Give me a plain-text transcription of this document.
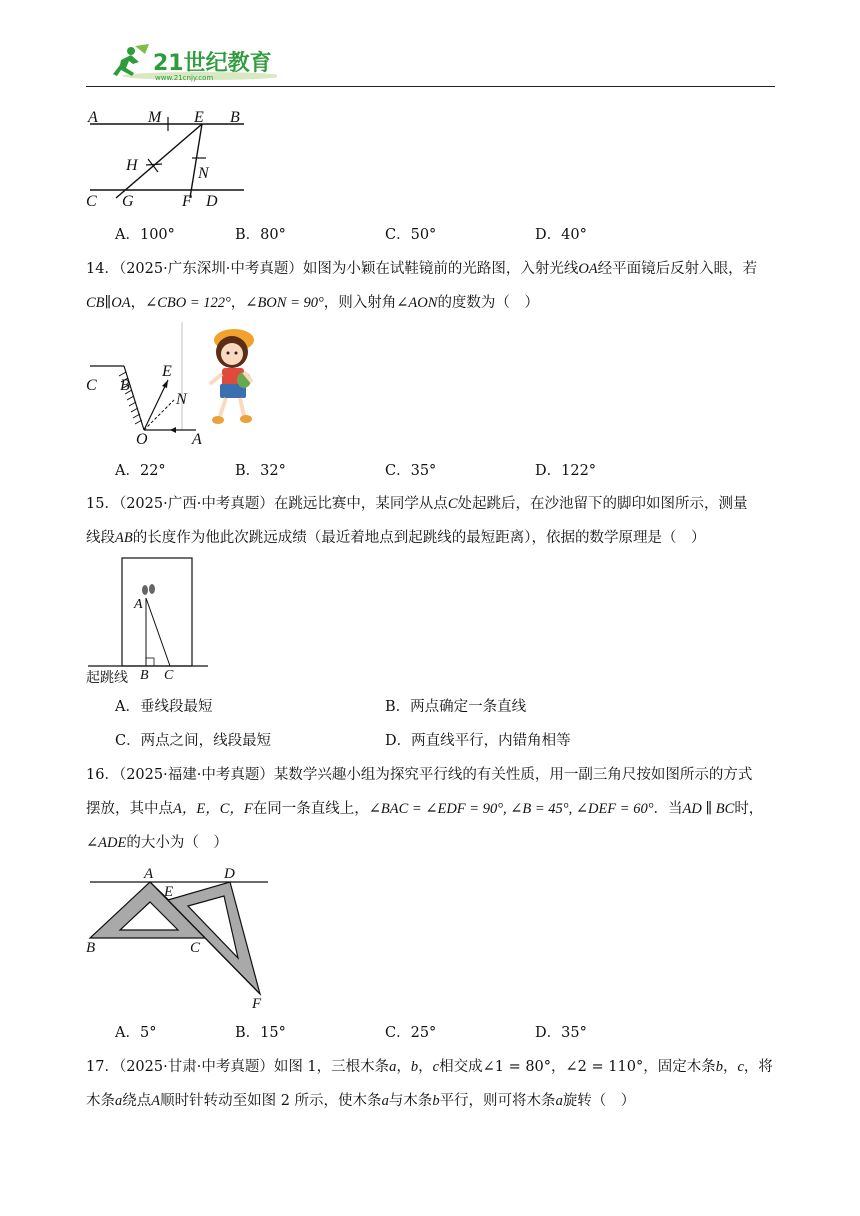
21世纪教育
www.21cnjy.com
A	M E B
H	N
C G	F D
A．100°	B．80°	C．50°	D．40°
14．（2025·广东深圳·中考真题）如图为小颖在试鞋镜前的光路图，入射光线OA经平面镜后反射入眼，若
CB∥OA，∠CBO = 122°，∠BON = 90°，则入射角∠AON的度数为（　）
C B
E
N
O	A
A．22°	B．32°	C．35°	D．122°
15．（2025·广西·中考真题）在跳远比赛中，某同学从点C处起跳后，在沙池留下的脚印如图所示，测量
线段AB的长度作为他此次跳远成绩（最近着地点到起跳线的最短距离），依据的数学原理是（　）
A
B C
起跳线
A．垂线段最短	B．两点确定一条直线
C．两点之间，线段最短	D．两直线平行，内错角相等
16．（2025·福建·中考真题）某数学兴趣小组为探究平行线的有关性质，用一副三角尺按如图所示的方式
摆放，其中点A，E，C，F在同一条直线上，∠BAC = ∠EDF = 90°, ∠B = 45°, ∠DEF = 60°．当AD ∥ BC时，
∠ADE的大小为（　）
A	D
E
B	C
F
A．5°	B．15°	C．25°	D．35°
17．（2025·甘肃·中考真题）如图 1，三根木条a，b，c相交成∠1 = 80°，∠2 = 110°，固定木条b，c，将
木条a绕点A顺时针转动至如图 2 所示，使木条a与木条b平行，则可将木条a旋转（　）
